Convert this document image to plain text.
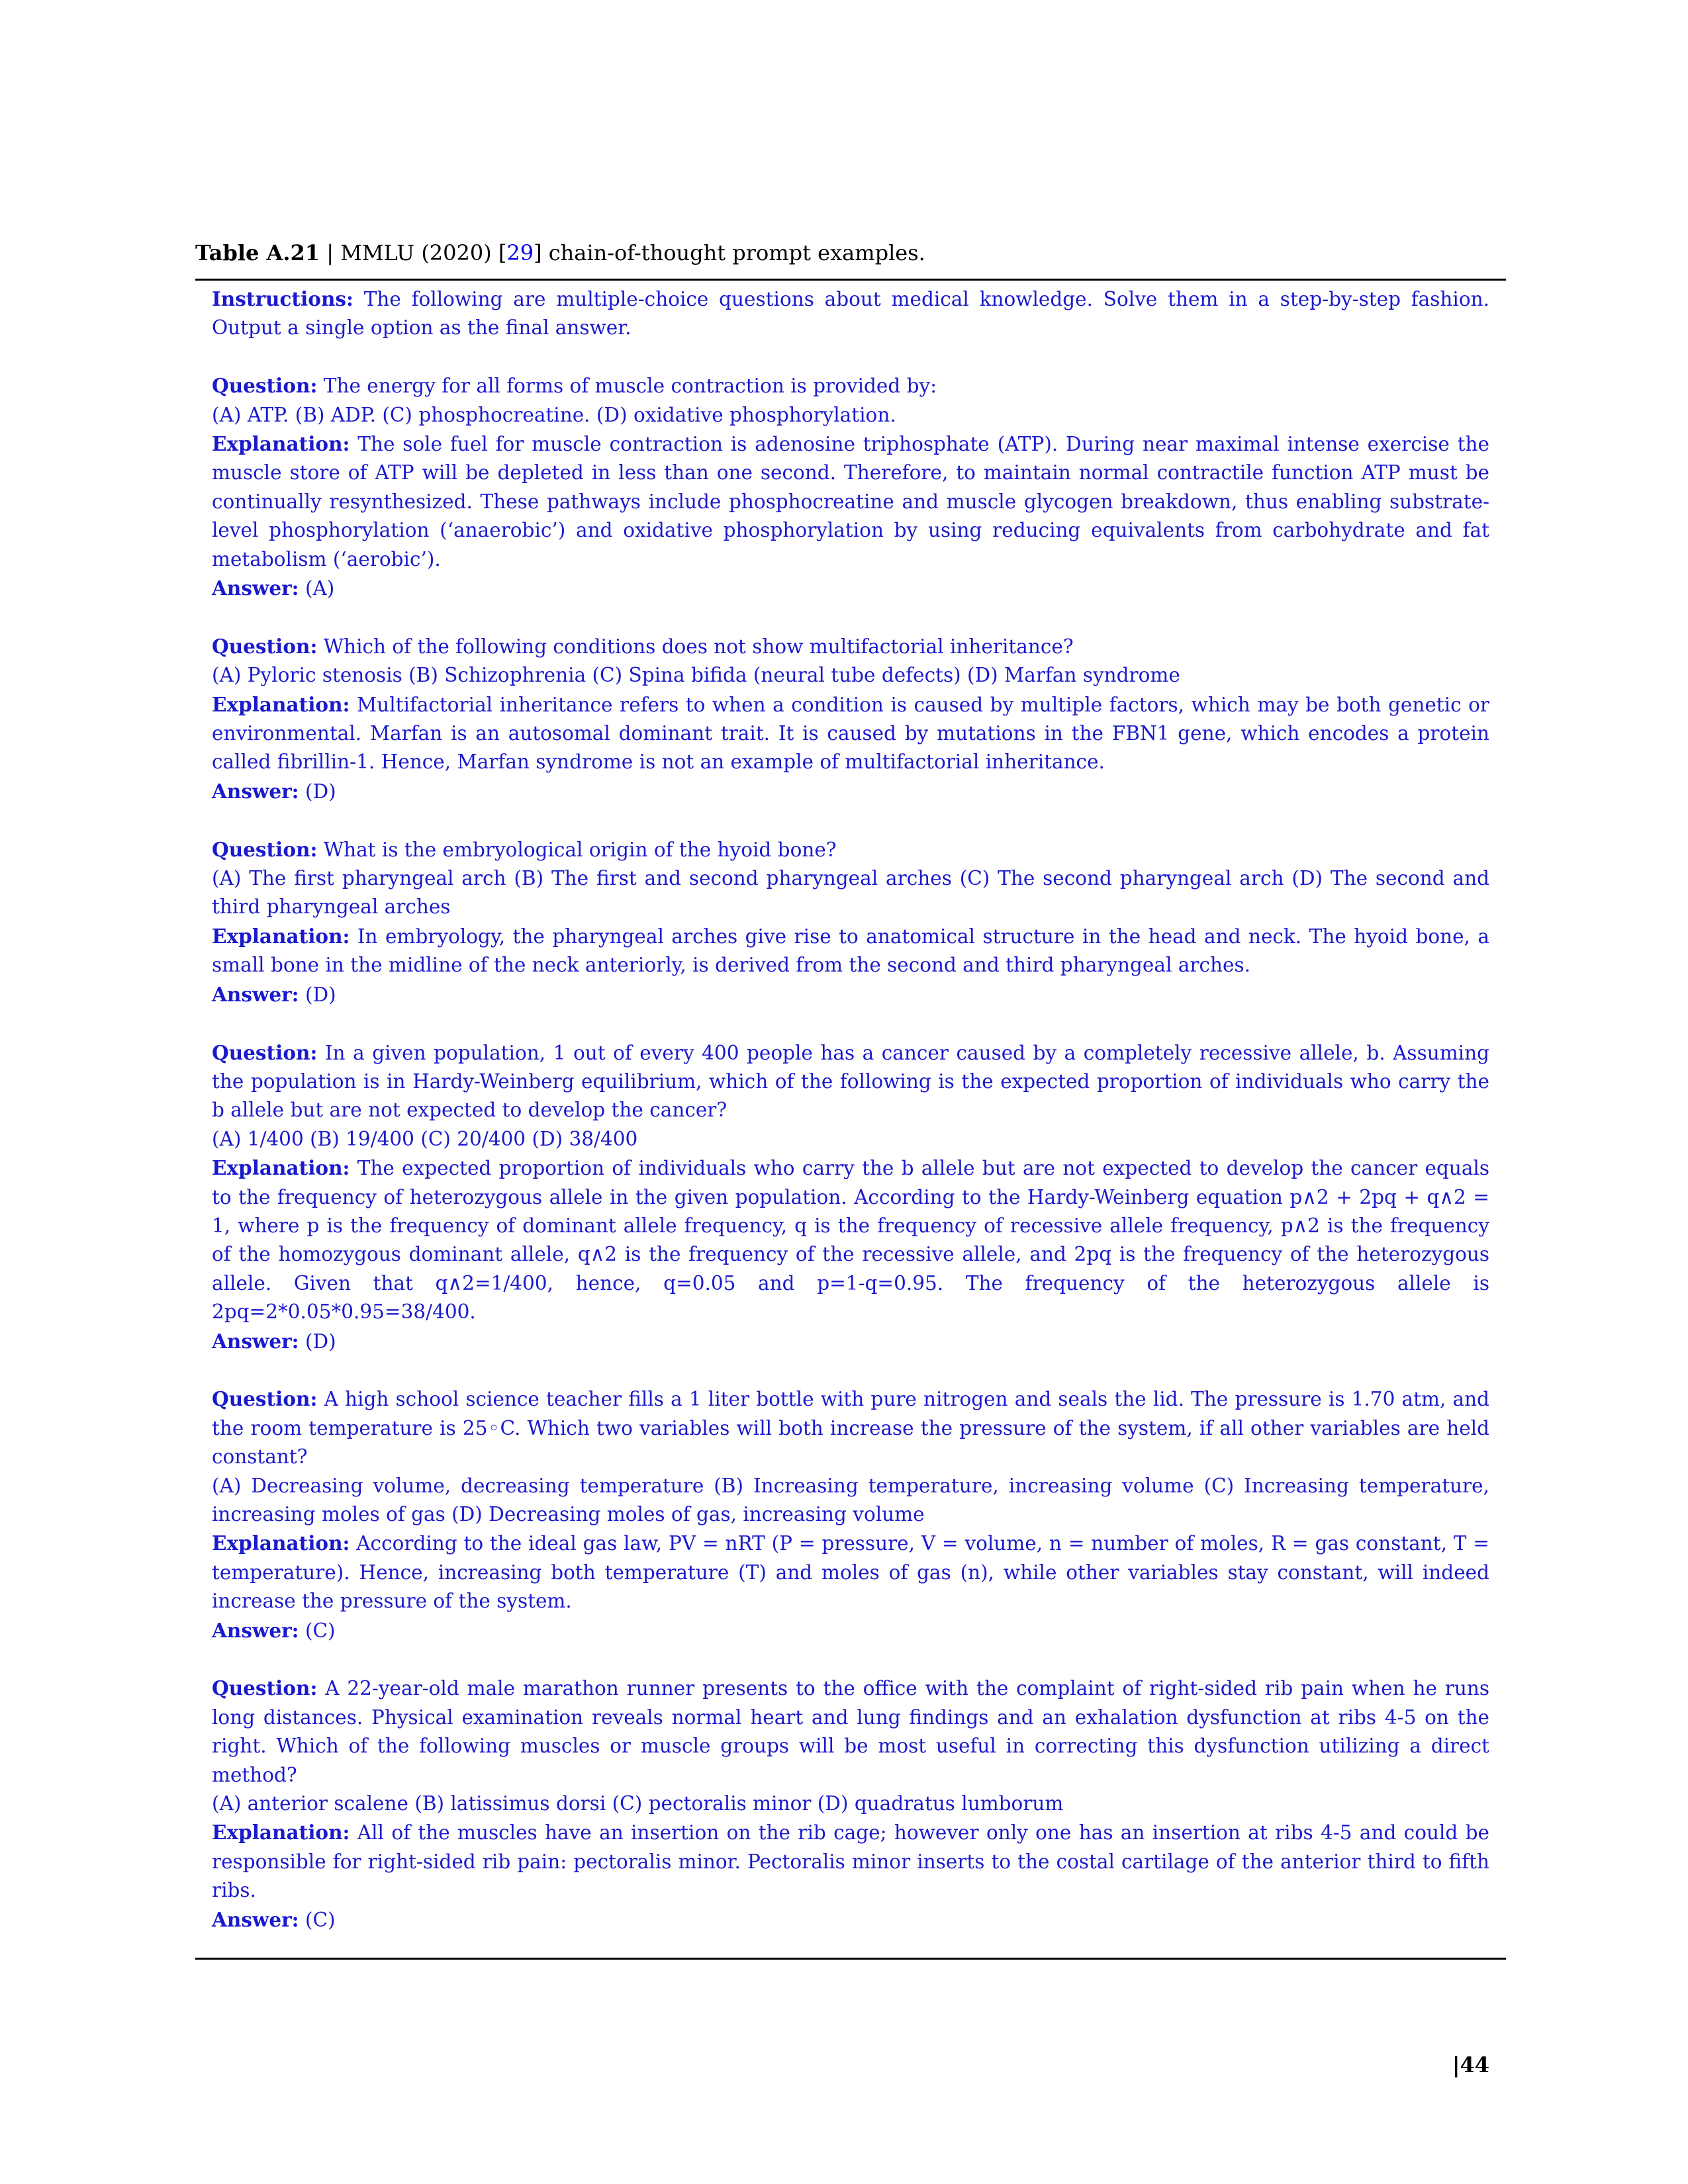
Table A.21 | MMLU (2020) [29] chain-of-thought prompt examples.

Instructions: The following are multiple-choice questions about medical knowledge. Solve them in a step-by-step fashion. Output a single option as the final answer.

Question: The energy for all forms of muscle contraction is provided by:

(A) ATP. (B) ADP. (C) phosphocreatine. (D) oxidative phosphorylation.

Explanation: The sole fuel for muscle contraction is adenosine triphosphate (ATP). During near maximal intense exercise the muscle store of ATP will be depleted in less than one second. Therefore, to maintain normal contractile function ATP must be continually resynthesized. These pathways include phosphocreatine and muscle glycogen breakdown, thus enabling substrate-level phosphorylation (‘anaerobic’) and oxidative phosphorylation by using reducing equivalents from carbohydrate and fat metabolism (‘aerobic’).

Answer: (A)

Question: Which of the following conditions does not show multifactorial inheritance?

(A) Pyloric stenosis (B) Schizophrenia (C) Spina bifida (neural tube defects) (D) Marfan syndrome

Explanation: Multifactorial inheritance refers to when a condition is caused by multiple factors, which may be both genetic or environmental. Marfan is an autosomal dominant trait. It is caused by mutations in the FBN1 gene, which encodes a protein called fibrillin-1. Hence, Marfan syndrome is not an example of multifactorial inheritance.

Answer: (D)

Question: What is the embryological origin of the hyoid bone?

(A) The first pharyngeal arch (B) The first and second pharyngeal arches (C) The second pharyngeal arch (D) The second and third pharyngeal arches

Explanation: In embryology, the pharyngeal arches give rise to anatomical structure in the head and neck. The hyoid bone, a small bone in the midline of the neck anteriorly, is derived from the second and third pharyngeal arches.

Answer: (D)

Question: In a given population, 1 out of every 400 people has a cancer caused by a completely recessive allele, b. Assuming the population is in Hardy-Weinberg equilibrium, which of the following is the expected proportion of individuals who carry the b allele but are not expected to develop the cancer?

(A) 1/400 (B) 19/400 (C) 20/400 (D) 38/400

Explanation: The expected proportion of individuals who carry the b allele but are not expected to develop the cancer equals to the frequency of heterozygous allele in the given population. According to the Hardy-Weinberg equation p∧2 + 2pq + q∧2 = 1, where p is the frequency of dominant allele frequency, q is the frequency of recessive allele frequency, p∧2 is the frequency of the homozygous dominant allele, q∧2 is the frequency of the recessive allele, and 2pq is the frequency of the heterozygous allele. Given that q∧2=1/400, hence, q=0.05 and p=1-q=0.95. The frequency of the heterozygous allele is 2pq=2*0.05*0.95=38/400.

Answer: (D)

Question: A high school science teacher fills a 1 liter bottle with pure nitrogen and seals the lid. The pressure is 1.70 atm, and the room temperature is 25◦C. Which two variables will both increase the pressure of the system, if all other variables are held constant?

(A) Decreasing volume, decreasing temperature (B) Increasing temperature, increasing volume (C) Increasing temperature, increasing moles of gas (D) Decreasing moles of gas, increasing volume

Explanation: According to the ideal gas law, PV = nRT (P = pressure, V = volume, n = number of moles, R = gas constant, T = temperature). Hence, increasing both temperature (T) and moles of gas (n), while other variables stay constant, will indeed increase the pressure of the system.

Answer: (C)

Question: A 22-year-old male marathon runner presents to the office with the complaint of right-sided rib pain when he runs long distances. Physical examination reveals normal heart and lung findings and an exhalation dysfunction at ribs 4-5 on the right. Which of the following muscles or muscle groups will be most useful in correcting this dysfunction utilizing a direct method?

(A) anterior scalene (B) latissimus dorsi (C) pectoralis minor (D) quadratus lumborum

Explanation: All of the muscles have an insertion on the rib cage; however only one has an insertion at ribs 4-5 and could be responsible for right-sided rib pain: pectoralis minor. Pectoralis minor inserts to the costal cartilage of the anterior third to fifth ribs.

Answer: (C)

|44
